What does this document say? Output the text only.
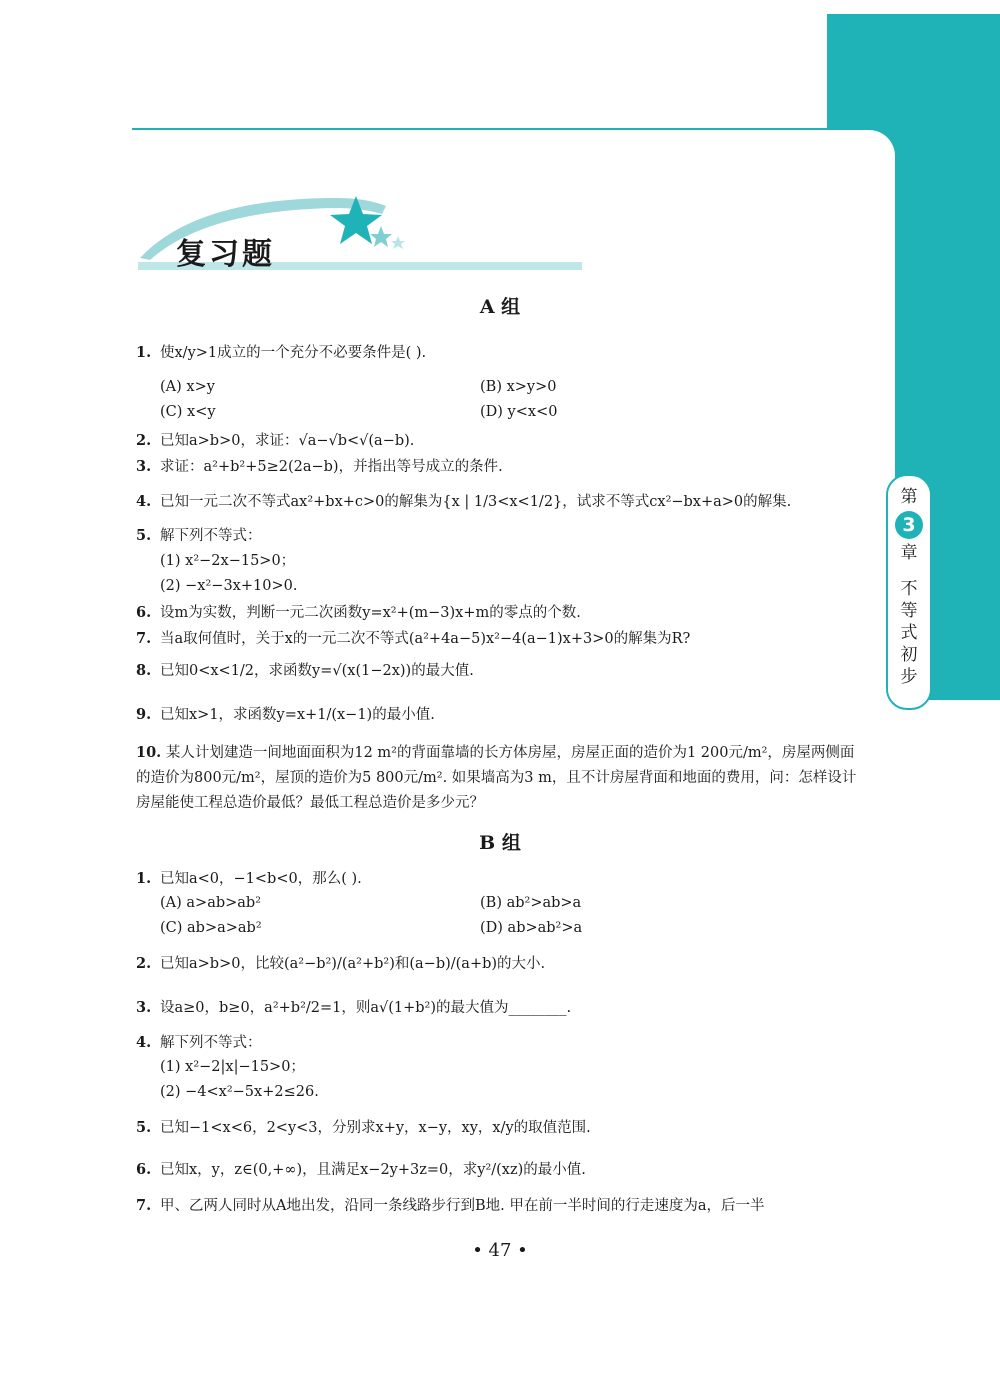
第
3
章
不
等
式
初
步
复习题
A 组
1. 使x/y>1成立的一个充分不必要条件是( ).
(A) x>y	(B) x>y>0
(C) x<y	(D) y<x<0
2. 已知a>b>0，求证：√a−√b<√(a−b).
3. 求证：a²+b²+5≥2(2a−b)，并指出等号成立的条件.
4. 已知一元二次不等式ax²+bx+c>0的解集为{x | 1/3<x<1/2}，试求不等式cx²−bx+a>0的解集.
5. 解下列不等式：
(1) x²−2x−15>0；
(2) −x²−3x+10>0.
6. 设m为实数，判断一元二次函数y=x²+(m−3)x+m的零点的个数.
7. 当a取何值时，关于x的一元二次不等式(a²+4a−5)x²−4(a−1)x+3>0的解集为R?
8. 已知0<x<1/2，求函数y=√(x(1−2x))的最大值.
9. 已知x>1，求函数y=x+1/(x−1)的最小值.
10. 某人计划建造一间地面面积为12 m²的背面靠墙的长方体房屋，房屋正面的造价为1 200元/m²，房屋两侧面的造价为800元/m²，屋顶的造价为5 800元/m². 如果墙高为3 m，且不计房屋背面和地面的费用，问：怎样设计房屋能使工程总造价最低？最低工程总造价是多少元？
B 组
1. 已知a<0，−1<b<0，那么( ).
(A) a>ab>ab²	(B) ab²>ab>a
(C) ab>a>ab²	(D) ab>ab²>a
2. 已知a>b>0，比较(a²−b²)/(a²+b²)和(a−b)/(a+b)的大小.
3. 设a≥0，b≥0，a²+b²/2=1，则a√(1+b²)的最大值为________.
4. 解下列不等式：
(1) x²−2|x|−15>0；
(2) −4<x²−5x+2≤26.
5. 已知−1<x<6，2<y<3，分别求x+y，x−y，xy，x/y的取值范围.
6. 已知x，y，z∈(0,+∞)，且满足x−2y+3z=0，求y²/(xz)的最小值.
7. 甲、乙两人同时从A地出发，沿同一条线路步行到B地. 甲在前一半时间的行走速度为a，后一半
• 47 •
